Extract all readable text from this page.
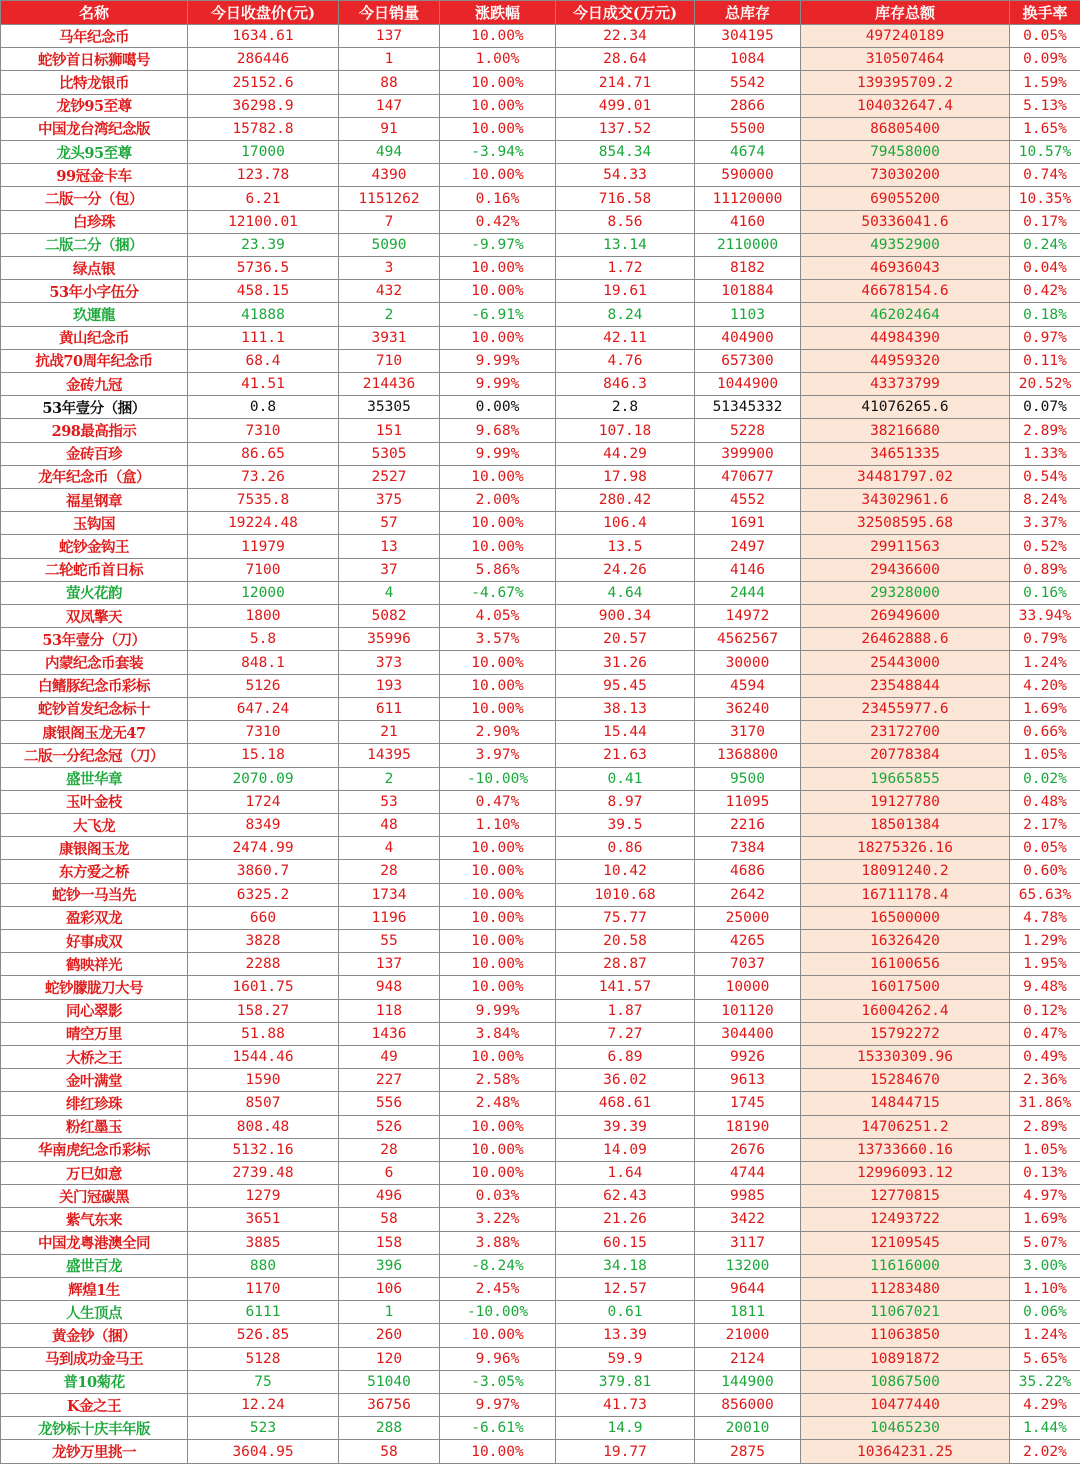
名称	今日收盘价(元)	今日销量	涨跌幅	今日成交(万元)	总库存	库存总额	换手率
马年纪念币	1634.61	137	10.00%	22.34	304195	497240189	0.05%
蛇钞首日标狮噶号	286446	1	1.00%	28.64	1084	310507464	0.09%
比特龙银币	25152.6	88	10.00%	214.71	5542	139395709.2	1.59%
龙钞95至尊	36298.9	147	10.00%	499.01	2866	104032647.4	5.13%
中国龙台湾纪念版	15782.8	91	10.00%	137.52	5500	86805400	1.65%
龙头95至尊	17000	494	-3.94%	854.34	4674	79458000	10.57%
99冠金卡车	123.78	4390	10.00%	54.33	590000	73030200	0.74%
二版一分（包）	6.21	1151262	0.16%	716.58	11120000	69055200	10.35%
白珍珠	12100.01	7	0.42%	8.56	4160	50336041.6	0.17%
二版二分（捆）	23.39	5090	-9.97%	13.14	2110000	49352900	0.24%
绿点银	5736.5	3	10.00%	1.72	8182	46936043	0.04%
53年小字伍分	458.15	432	10.00%	19.61	101884	46678154.6	0.42%
玖運龍	41888	2	-6.91%	8.24	1103	46202464	0.18%
黄山纪念币	111.1	3931	10.00%	42.11	404900	44984390	0.97%
抗战70周年纪念币	68.4	710	9.99%	4.76	657300	44959320	0.11%
金砖九冠	41.51	214436	9.99%	846.3	1044900	43373799	20.52%
53年壹分（捆）	0.8	35305	0.00%	2.8	51345332	41076265.6	0.07%
298最高指示	7310	151	9.68%	107.18	5228	38216680	2.89%
金砖百珍	86.65	5305	9.99%	44.29	399900	34651335	1.33%
龙年纪念币（盒）	73.26	2527	10.00%	17.98	470677	34481797.02	0.54%
福星钢章	7535.8	375	2.00%	280.42	4552	34302961.6	8.24%
玉钩国	19224.48	57	10.00%	106.4	1691	32508595.68	3.37%
蛇钞金钩王	11979	13	10.00%	13.5	2497	29911563	0.52%
二轮蛇币首日标	7100	37	5.86%	24.26	4146	29436600	0.89%
萤火花韵	12000	4	-4.67%	4.64	2444	29328000	0.16%
双凤擎天	1800	5082	4.05%	900.34	14972	26949600	33.94%
53年壹分（刀）	5.8	35996	3.57%	20.57	4562567	26462888.6	0.79%
内蒙纪念币套装	848.1	373	10.00%	31.26	30000	25443000	1.24%
白鳍豚纪念币彩标	5126	193	10.00%	95.45	4594	23548844	4.20%
蛇钞首发纪念标十	647.24	611	10.00%	38.13	36240	23455977.6	1.69%
康银阁玉龙无47	7310	21	2.90%	15.44	3170	23172700	0.66%
二版一分纪念冠（刀）	15.18	14395	3.97%	21.63	1368800	20778384	1.05%
盛世华章	2070.09	2	-10.00%	0.41	9500	19665855	0.02%
玉叶金枝	1724	53	0.47%	8.97	11095	19127780	0.48%
大飞龙	8349	48	1.10%	39.5	2216	18501384	2.17%
康银阁玉龙	2474.99	4	10.00%	0.86	7384	18275326.16	0.05%
东方爱之桥	3860.7	28	10.00%	10.42	4686	18091240.2	0.60%
蛇钞一马当先	6325.2	1734	10.00%	1010.68	2642	16711178.4	65.63%
盈彩双龙	660	1196	10.00%	75.77	25000	16500000	4.78%
好事成双	3828	55	10.00%	20.58	4265	16326420	1.29%
鹤映祥光	2288	137	10.00%	28.87	7037	16100656	1.95%
蛇钞朦胧刀大号	1601.75	948	10.00%	141.57	10000	16017500	9.48%
同心翠影	158.27	118	9.99%	1.87	101120	16004262.4	0.12%
晴空万里	51.88	1436	3.84%	7.27	304400	15792272	0.47%
大桥之王	1544.46	49	10.00%	6.89	9926	15330309.96	0.49%
金叶满堂	1590	227	2.58%	36.02	9613	15284670	2.36%
绯红珍珠	8507	556	2.48%	468.61	1745	14844715	31.86%
粉红墨玉	808.48	526	10.00%	39.39	18190	14706251.2	2.89%
华南虎纪念币彩标	5132.16	28	10.00%	14.09	2676	13733660.16	1.05%
万巳如意	2739.48	6	10.00%	1.64	4744	12996093.12	0.13%
关门冠碳黑	1279	496	0.03%	62.43	9985	12770815	4.97%
紫气东来	3651	58	3.22%	21.26	3422	12493722	1.69%
中国龙粤港澳全同	3885	158	3.88%	60.15	3117	12109545	5.07%
盛世百龙	880	396	-8.24%	34.18	13200	11616000	3.00%
辉煌1生	1170	106	2.45%	12.57	9644	11283480	1.10%
人生顶点	6111	1	-10.00%	0.61	1811	11067021	0.06%
黄金钞（捆）	526.85	260	10.00%	13.39	21000	11063850	1.24%
马到成功金马王	5128	120	9.96%	59.9	2124	10891872	5.65%
普10菊花	75	51040	-3.05%	379.81	144900	10867500	35.22%
K金之王	12.24	36756	9.97%	41.73	856000	10477440	4.29%
龙钞标十庆丰年版	523	288	-6.61%	14.9	20010	10465230	1.44%
龙钞万里挑一	3604.95	58	10.00%	19.77	2875	10364231.25	2.02%
